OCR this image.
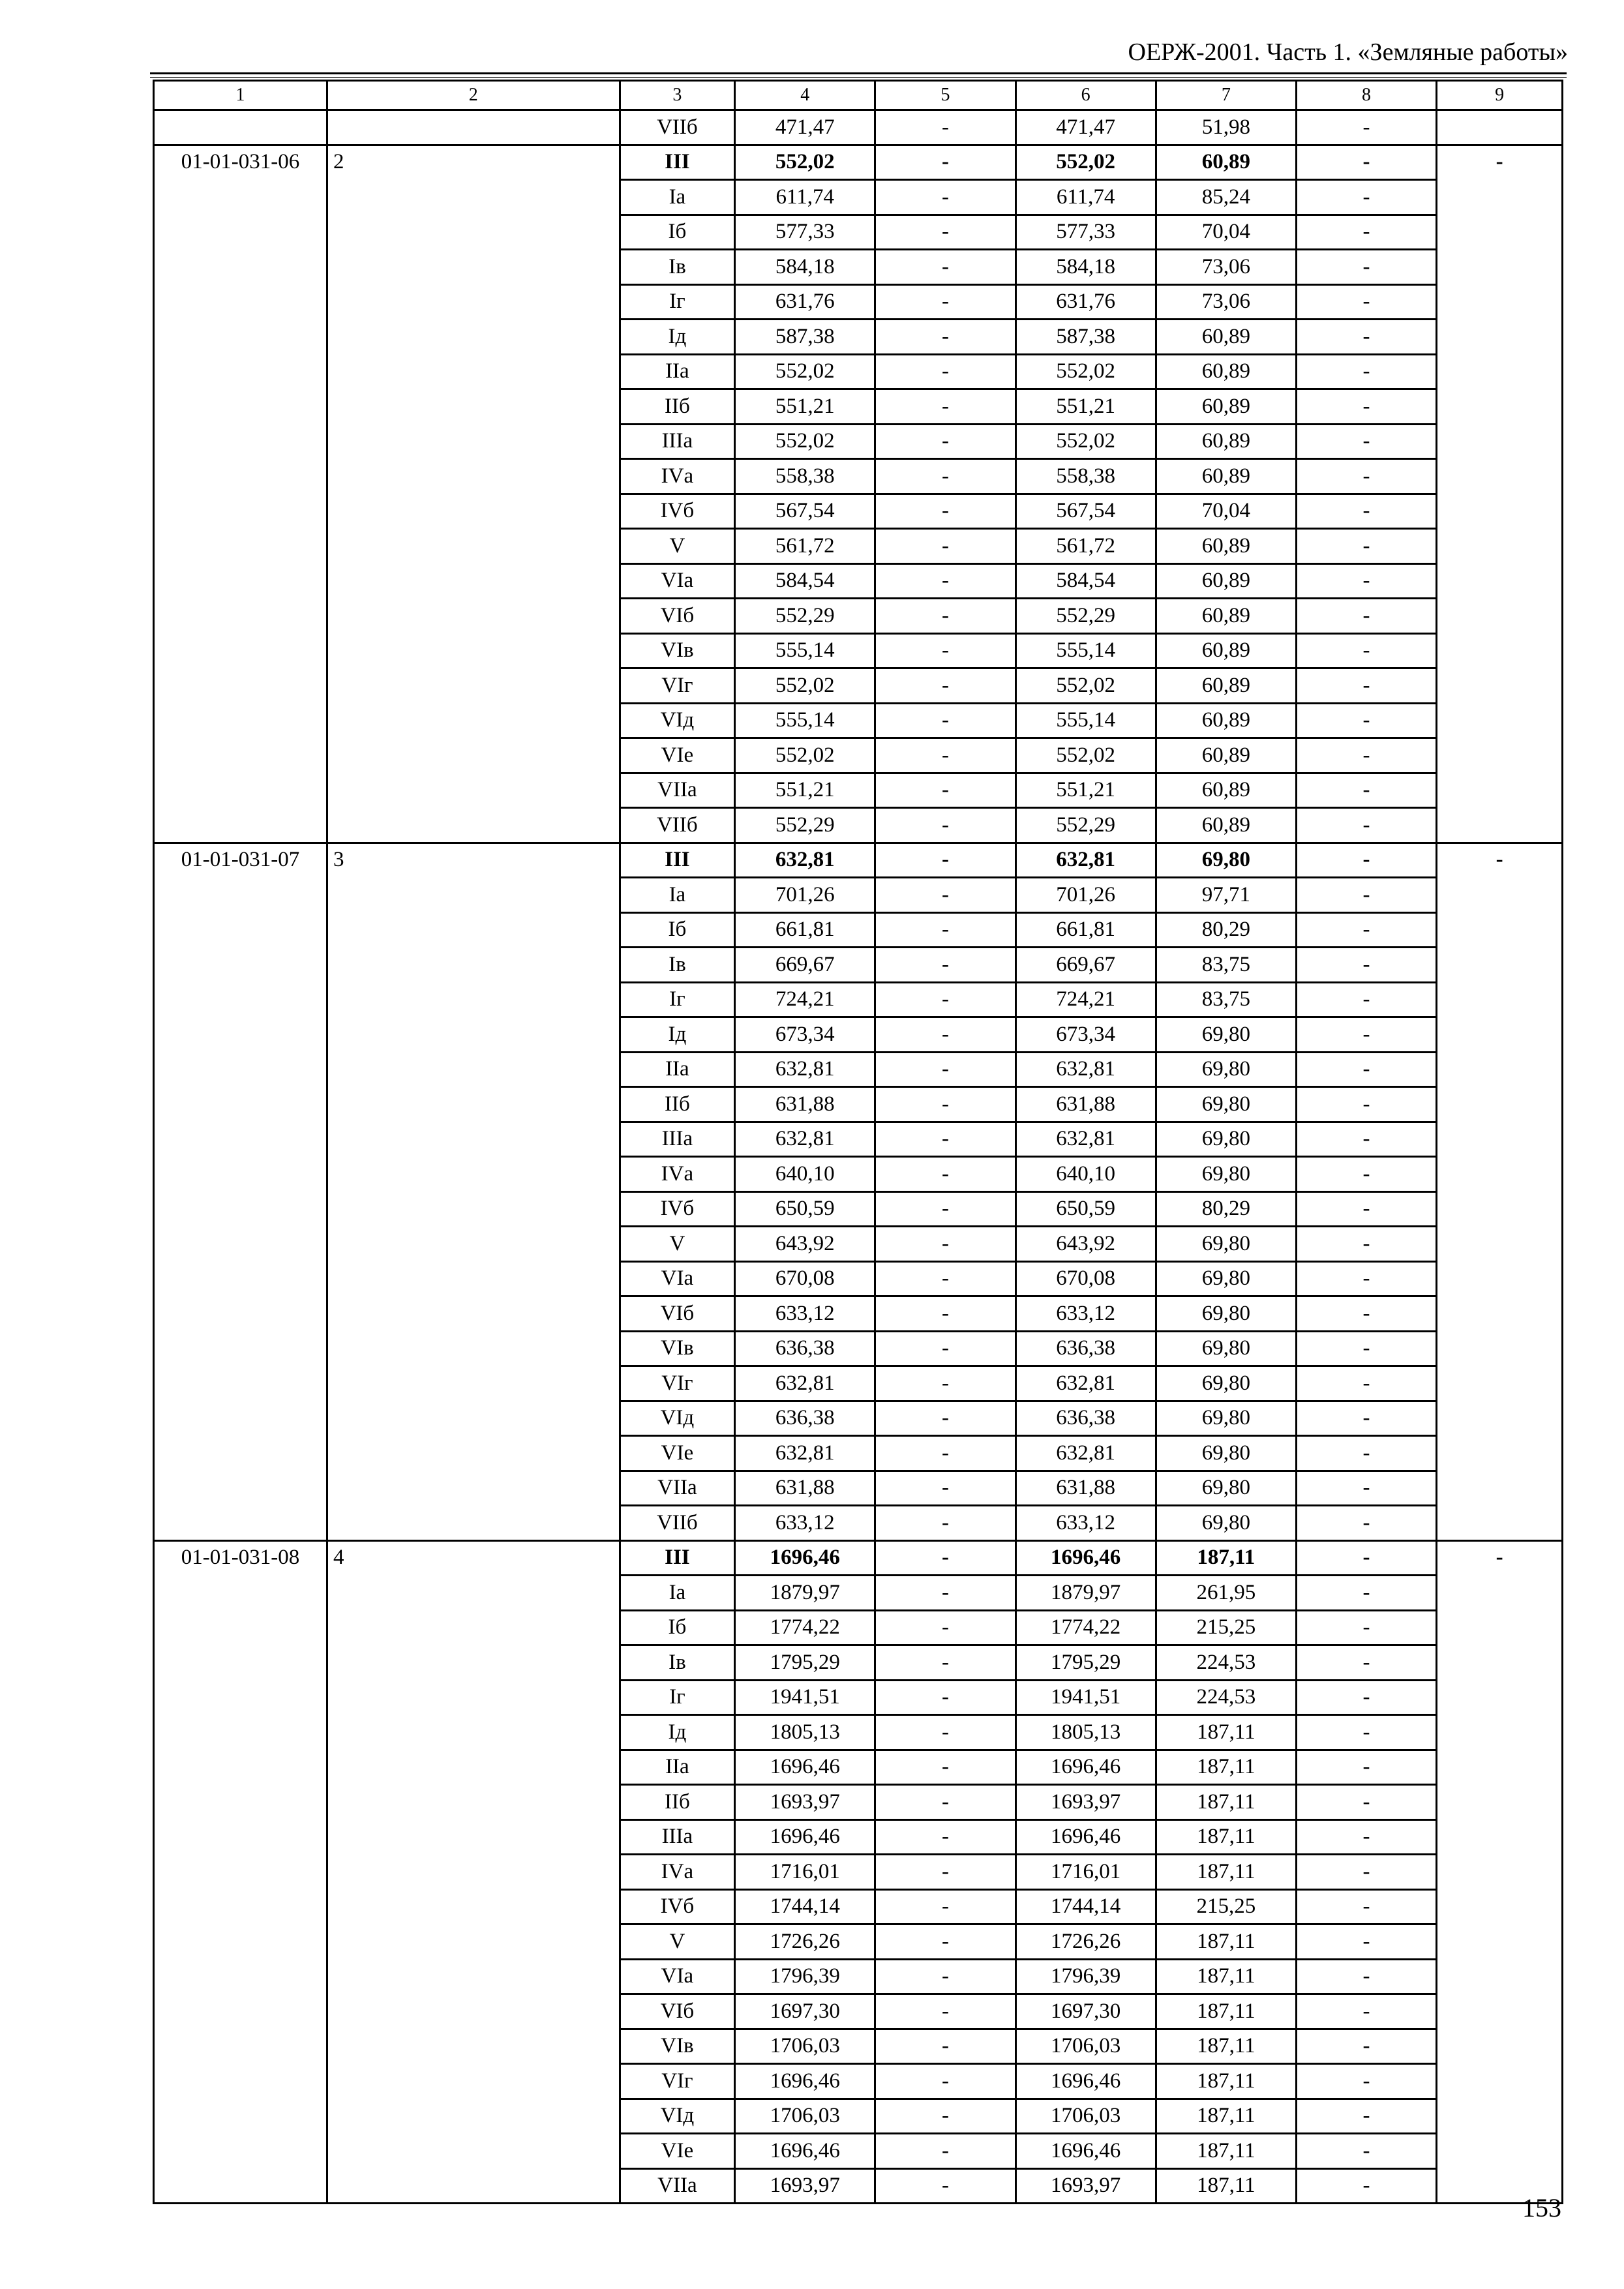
ОЕРЖ-2001. Часть 1. «Земляные работы»
1	2	3	4	5	6	7	8	9
		VIIб	471,47	-	471,47	51,98	-	
01-01-031-06	2	III	552,02	-	552,02	60,89	-	-
		Iа	611,74	-	611,74	85,24	-	
		Iб	577,33	-	577,33	70,04	-	
		Iв	584,18	-	584,18	73,06	-	
		Iг	631,76	-	631,76	73,06	-	
		Iд	587,38	-	587,38	60,89	-	
		IIа	552,02	-	552,02	60,89	-	
		IIб	551,21	-	551,21	60,89	-	
		IIIа	552,02	-	552,02	60,89	-	
		IVа	558,38	-	558,38	60,89	-	
		IVб	567,54	-	567,54	70,04	-	
		V	561,72	-	561,72	60,89	-	
		VIа	584,54	-	584,54	60,89	-	
		VIб	552,29	-	552,29	60,89	-	
		VIв	555,14	-	555,14	60,89	-	
		VIг	552,02	-	552,02	60,89	-	
		VIд	555,14	-	555,14	60,89	-	
		VIе	552,02	-	552,02	60,89	-	
		VIIа	551,21	-	551,21	60,89	-	
		VIIб	552,29	-	552,29	60,89	-	
01-01-031-07	3	III	632,81	-	632,81	69,80	-	-
		Iа	701,26	-	701,26	97,71	-	
		Iб	661,81	-	661,81	80,29	-	
		Iв	669,67	-	669,67	83,75	-	
		Iг	724,21	-	724,21	83,75	-	
		Iд	673,34	-	673,34	69,80	-	
		IIа	632,81	-	632,81	69,80	-	
		IIб	631,88	-	631,88	69,80	-	
		IIIа	632,81	-	632,81	69,80	-	
		IVа	640,10	-	640,10	69,80	-	
		IVб	650,59	-	650,59	80,29	-	
		V	643,92	-	643,92	69,80	-	
		VIа	670,08	-	670,08	69,80	-	
		VIб	633,12	-	633,12	69,80	-	
		VIв	636,38	-	636,38	69,80	-	
		VIг	632,81	-	632,81	69,80	-	
		VIд	636,38	-	636,38	69,80	-	
		VIе	632,81	-	632,81	69,80	-	
		VIIа	631,88	-	631,88	69,80	-	
		VIIб	633,12	-	633,12	69,80	-	
01-01-031-08	4	III	1696,46	-	1696,46	187,11	-	-
		Iа	1879,97	-	1879,97	261,95	-	
		Iб	1774,22	-	1774,22	215,25	-	
		Iв	1795,29	-	1795,29	224,53	-	
		Iг	1941,51	-	1941,51	224,53	-	
		Iд	1805,13	-	1805,13	187,11	-	
		IIа	1696,46	-	1696,46	187,11	-	
		IIб	1693,97	-	1693,97	187,11	-	
		IIIа	1696,46	-	1696,46	187,11	-	
		IVа	1716,01	-	1716,01	187,11	-	
		IVб	1744,14	-	1744,14	215,25	-	
		V	1726,26	-	1726,26	187,11	-	
		VIа	1796,39	-	1796,39	187,11	-	
		VIб	1697,30	-	1697,30	187,11	-	
		VIв	1706,03	-	1706,03	187,11	-	
		VIг	1696,46	-	1696,46	187,11	-	
		VIд	1706,03	-	1706,03	187,11	-	
		VIе	1696,46	-	1696,46	187,11	-	
		VIIа	1693,97	-	1693,97	187,11	-	
153
